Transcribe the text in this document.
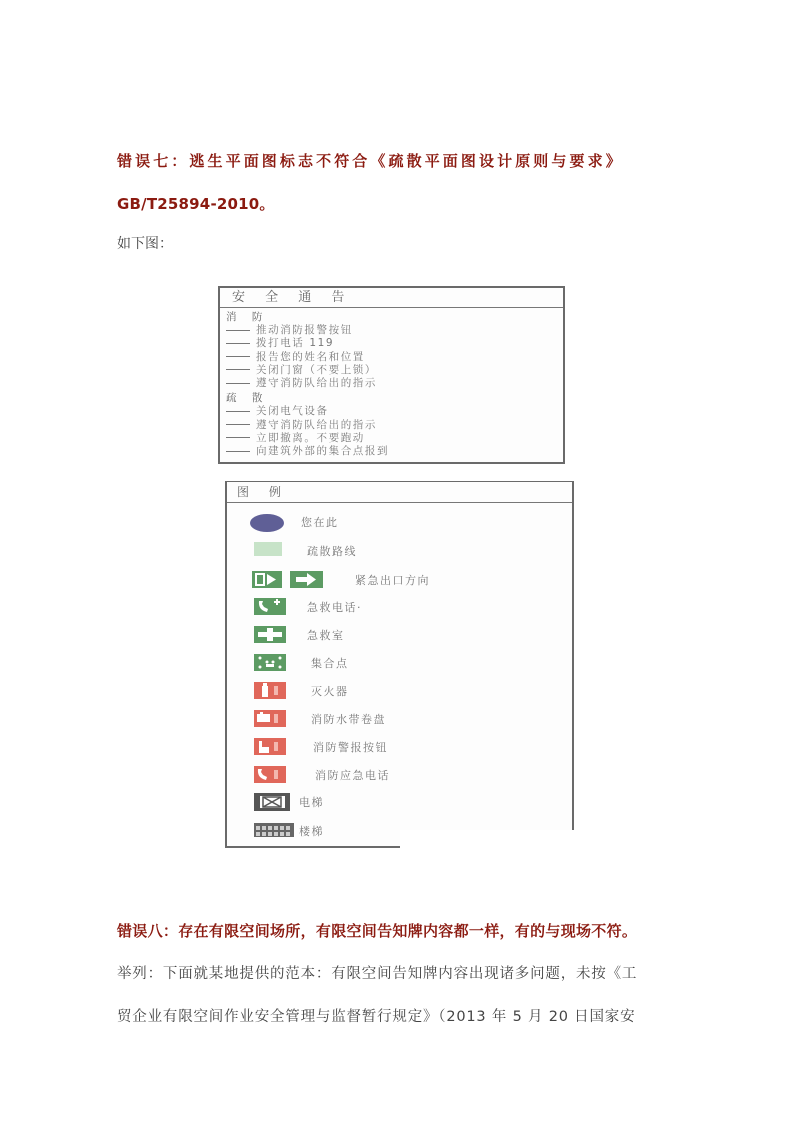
错误七：逃生平面图标志不符合《疏散平面图设计原则与要求》
GB/T25894-2010。
如下图：
安 全 通 告
消 防
推动消防报警按钮
拨打电话 119
报告您的姓名和位置
关闭门窗（不要上锁）
遵守消防队给出的指示
疏 散
关闭电气设备
遵守消防队给出的指示
立即撤离。不要跑动
向建筑外部的集合点报到
图 例
您在此
疏散路线
紧急出口方向
急救电话·
急救室
集合点
灭火器
消防水带卷盘
消防警报按钮
消防应急电话
电梯
楼梯
错误八：存在有限空间场所，有限空间告知牌内容都一样，有的与现场不符。
举列：下面就某地提供的范本：有限空间告知牌内容出现诸多问题，未按《工
贸企业有限空间作业安全管理与监督暂行规定》（2013 年 5 月 20 日国家安
